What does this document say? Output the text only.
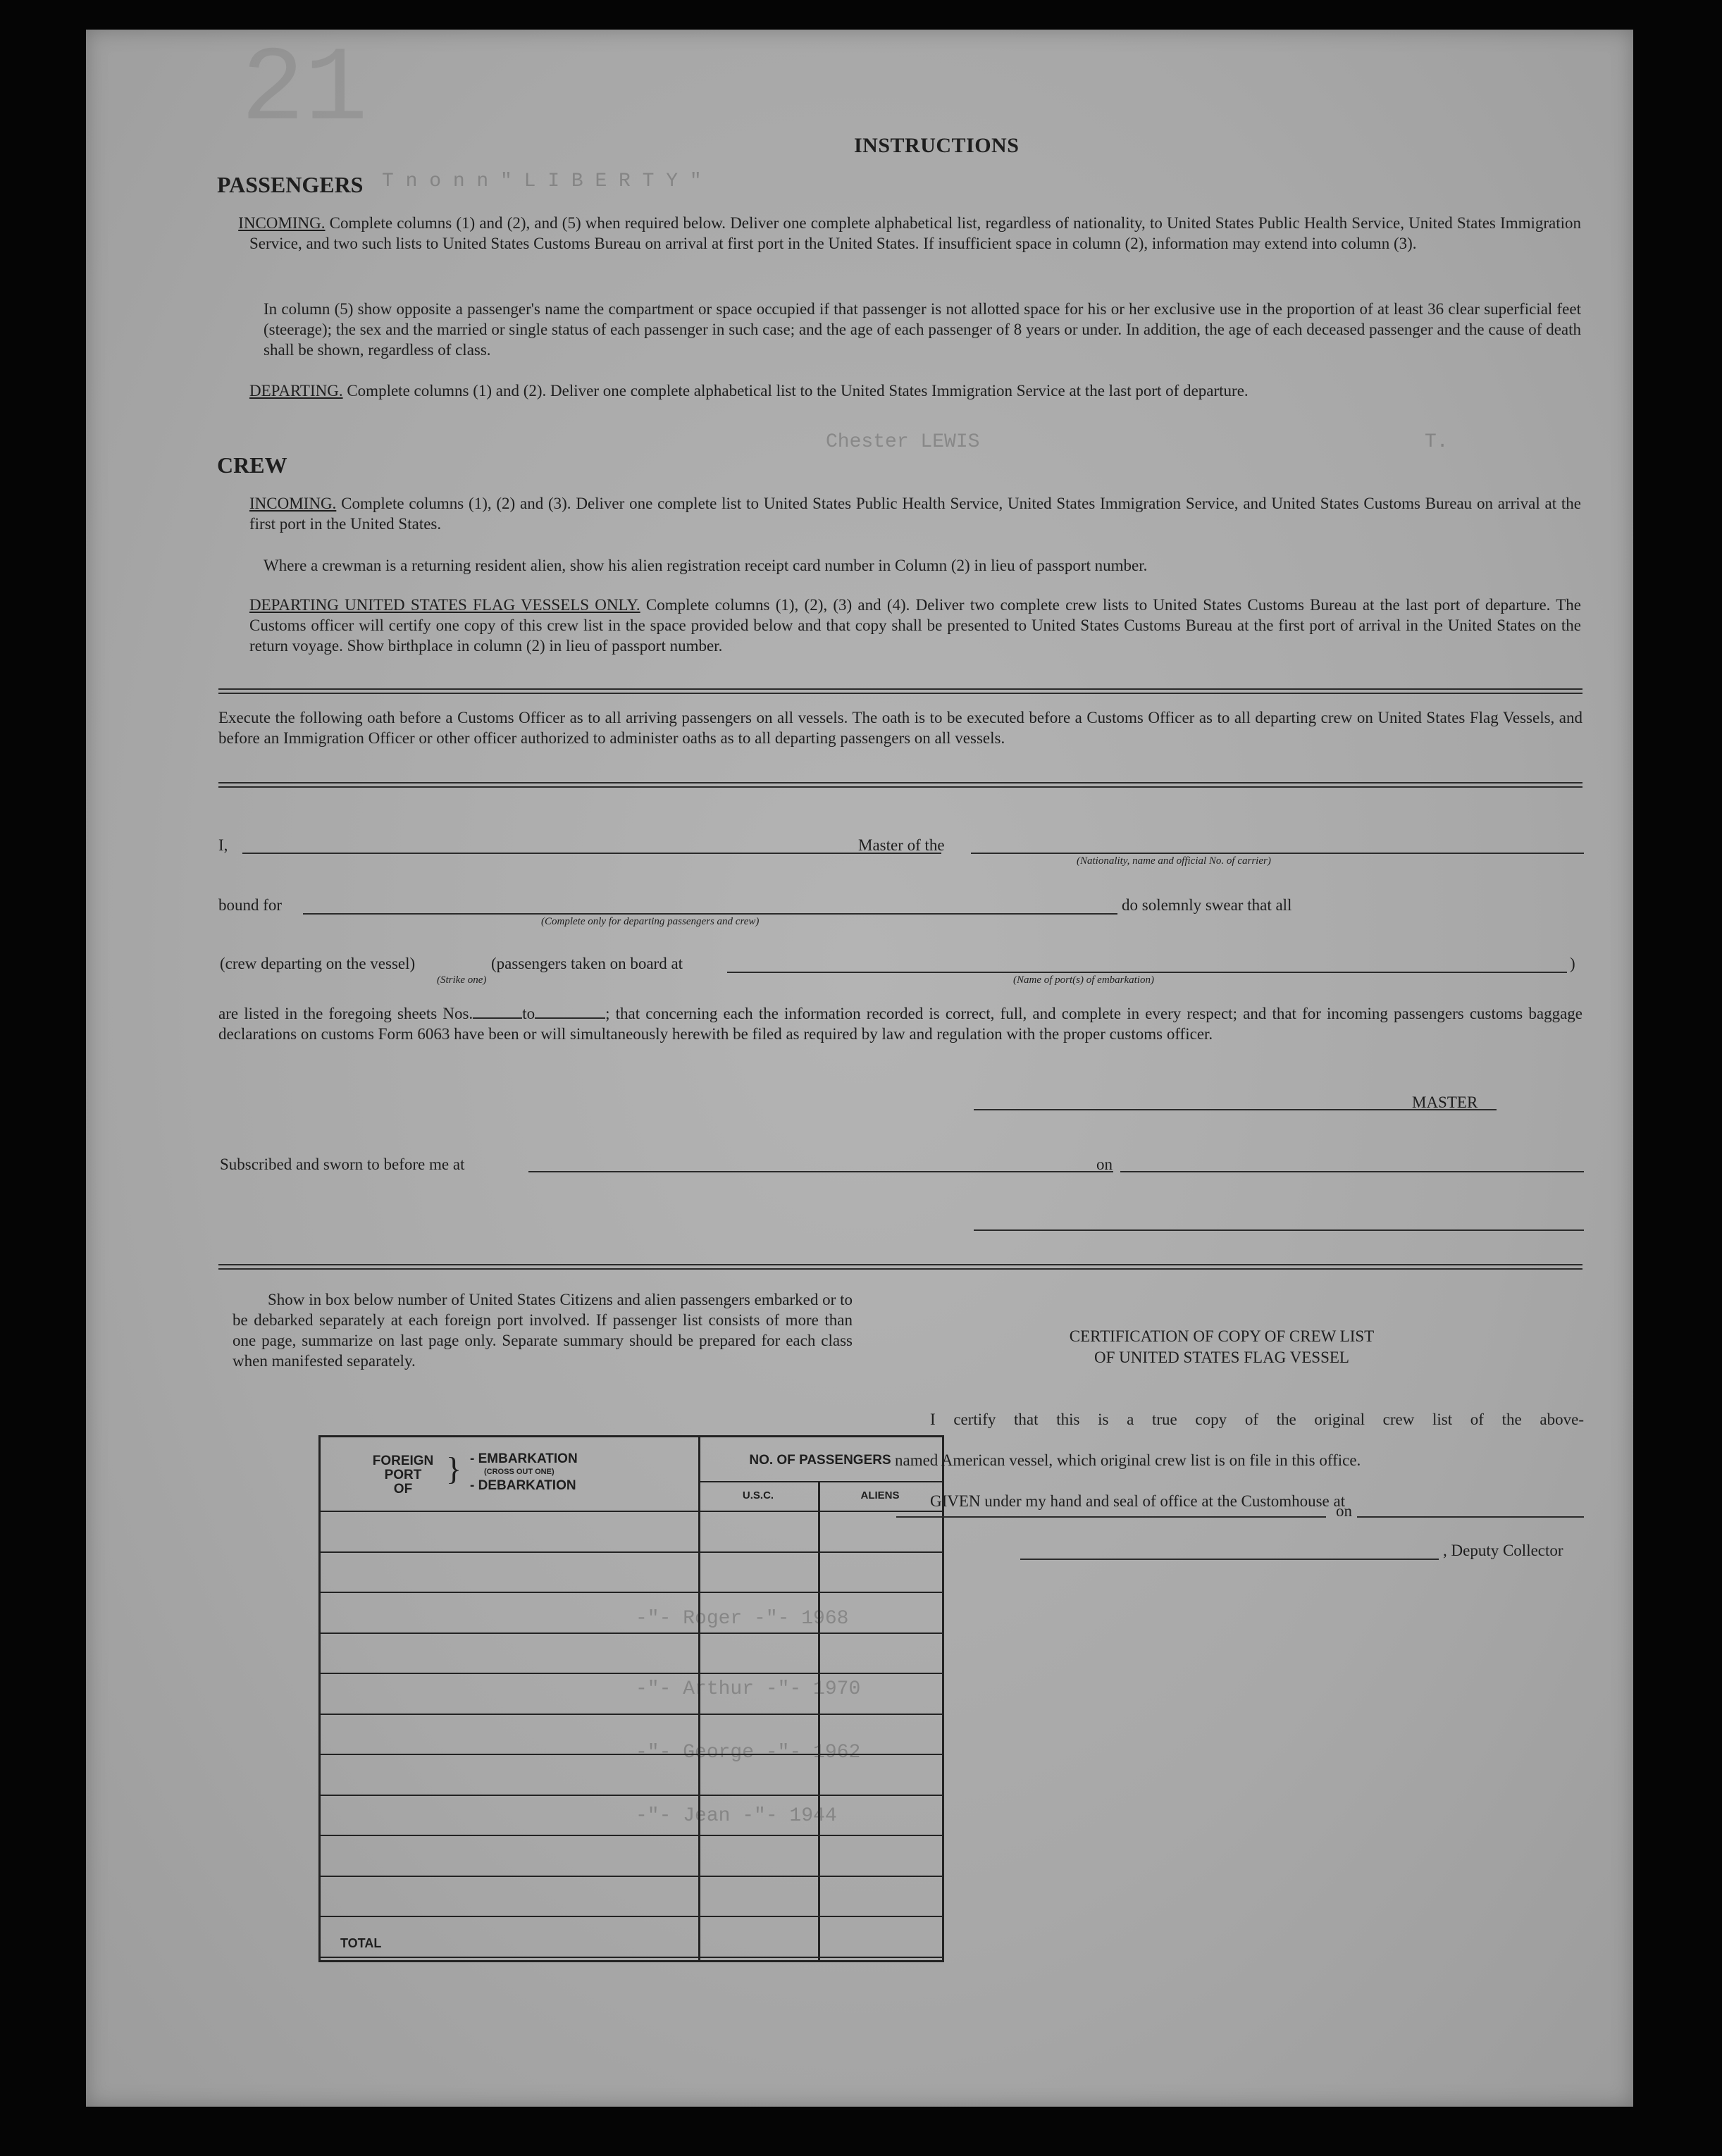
21
T n o n n " L I B E R T Y "
T.
Chester LEWIS
-"- Roger -"- 1968
-"- Arthur -"- 1970
-"- George -"- 1962
-"- Jean -"- 1944
INSTRUCTIONS
PASSENGERS
INCOMING. Complete columns (1) and (2), and (5) when required below. Deliver one complete alphabetical list, regardless of nationality, to United States Public Health Service, United States Immigration Service, and two such lists to United States Customs Bureau on arrival at first port in the United States. If insufficient space in column (2), information may extend into column (3).
In column (5) show opposite a passenger's name the compartment or space occupied if that passenger is not allotted space for his or her exclusive use in the proportion of at least 36 clear superficial feet (steerage); the sex and the married or single status of each passenger in such case; and the age of each passenger of 8 years or under. In addition, the age of each deceased passenger and the cause of death shall be shown, regardless of class.
DEPARTING. Complete columns (1) and (2). Deliver one complete alphabetical list to the United States Immigration Service at the last port of departure.
CREW
INCOMING. Complete columns (1), (2) and (3). Deliver one complete list to United States Public Health Service, United States Immigration Service, and United States Customs Bureau on arrival at the first port in the United States.
Where a crewman is a returning resident alien, show his alien registration receipt card number in Column (2) in lieu of passport number.
DEPARTING UNITED STATES FLAG VESSELS ONLY. Complete columns (1), (2), (3) and (4). Deliver two complete crew lists to United States Customs Bureau at the last port of departure. The Customs officer will certify one copy of this crew list in the space provided below and that copy shall be presented to United States Customs Bureau at the first port of arrival in the United States on the return voyage. Show birthplace in column (2) in lieu of passport number.
Execute the following oath before a Customs Officer as to all arriving passengers on all vessels. The oath is to be executed before a Customs Officer as to all departing crew on United States Flag Vessels, and before an Immigration Officer or other officer authorized to administer oaths as to all departing passengers on all vessels.
I,	Master of the
(Nationality, name and official No. of carrier)
bound for
(Complete only for departing passengers and crew)
do solemnly swear that all
(crew departing on the vessel)	(passengers taken on board at	)
(Strike one)	(Name of port(s) of embarkation)
are listed in the foregoing sheets Nos.	to	; that concerning each the information recorded is correct, full, and complete in every respect; and that for incoming passengers customs baggage declarations on customs Form 6063 have been or will simultaneously herewith be filed as required by law and regulation with the proper customs officer.
MASTER
Subscribed and sworn to before me at	on
Show in box below number of United States Citizens and alien passengers embarked or to be debarked separately at each foreign port involved. If passenger list consists of more than one page, summarize on last page only. Separate summary should be prepared for each class when manifested separately.
FOREIGN
PORT
OF
} - EMBARKATION
(CROSS OUT ONE)
- DEBARKATION
NO. OF PASSENGERS
U.S.C.	ALIENS
TOTAL
CERTIFICATION OF COPY OF CREW LIST
OF UNITED STATES FLAG VESSEL
I certify that this is a true copy of the original crew list of the above-
named American vessel, which original crew list is on file in this office.
GIVEN under my hand and seal of office at the Customhouse at
on
, Deputy Collector
